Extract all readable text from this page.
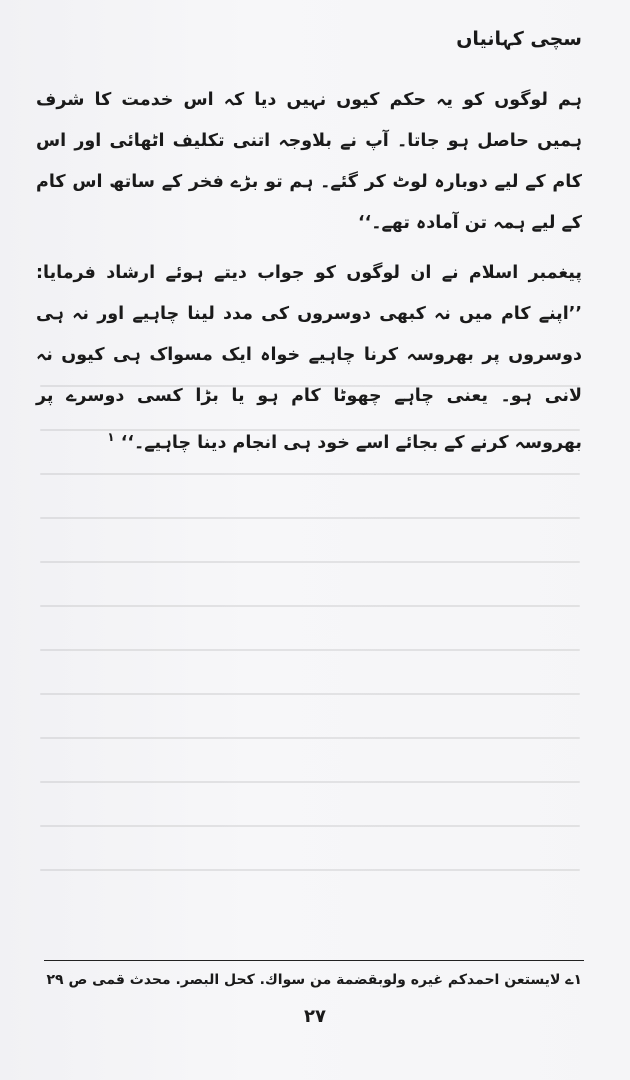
سچی کہانیاں

ہم لوگوں کو یہ حکم کیوں نہیں دیا کہ اس خدمت کا شرف ہمیں حاصل ہو جاتا۔ آپ نے بلاوجہ اتنی تکلیف اٹھائی اور اس کام کے لیے دوبارہ لوٹ کر گئے۔ ہم تو بڑے فخر کے ساتھ اس کام کے لیے ہمہ تن آمادہ تھے۔‘‘

پیغمبر اسلام نے ان لوگوں کو جواب دیتے ہوئے ارشاد فرمایا: ’’اپنے کام میں نہ کبھی دوسروں کی مدد لینا چاہیے اور نہ ہی دوسروں پر بھروسہ کرنا چاہیے خواہ ایک مسواک ہی کیوں نہ لانی ہو۔ یعنی چاہے چھوٹا کام ہو یا بڑا کسی دوسرے پر بھروسہ کرنے کے بجائے اسے خود ہی انجام دینا چاہیے۔‘‘ $^۱$

۱ے لايستعن احمدكم غيره ولوبقضمة من سواك. كحل البصر. محدث قمى ص ۲۹
۲۷
